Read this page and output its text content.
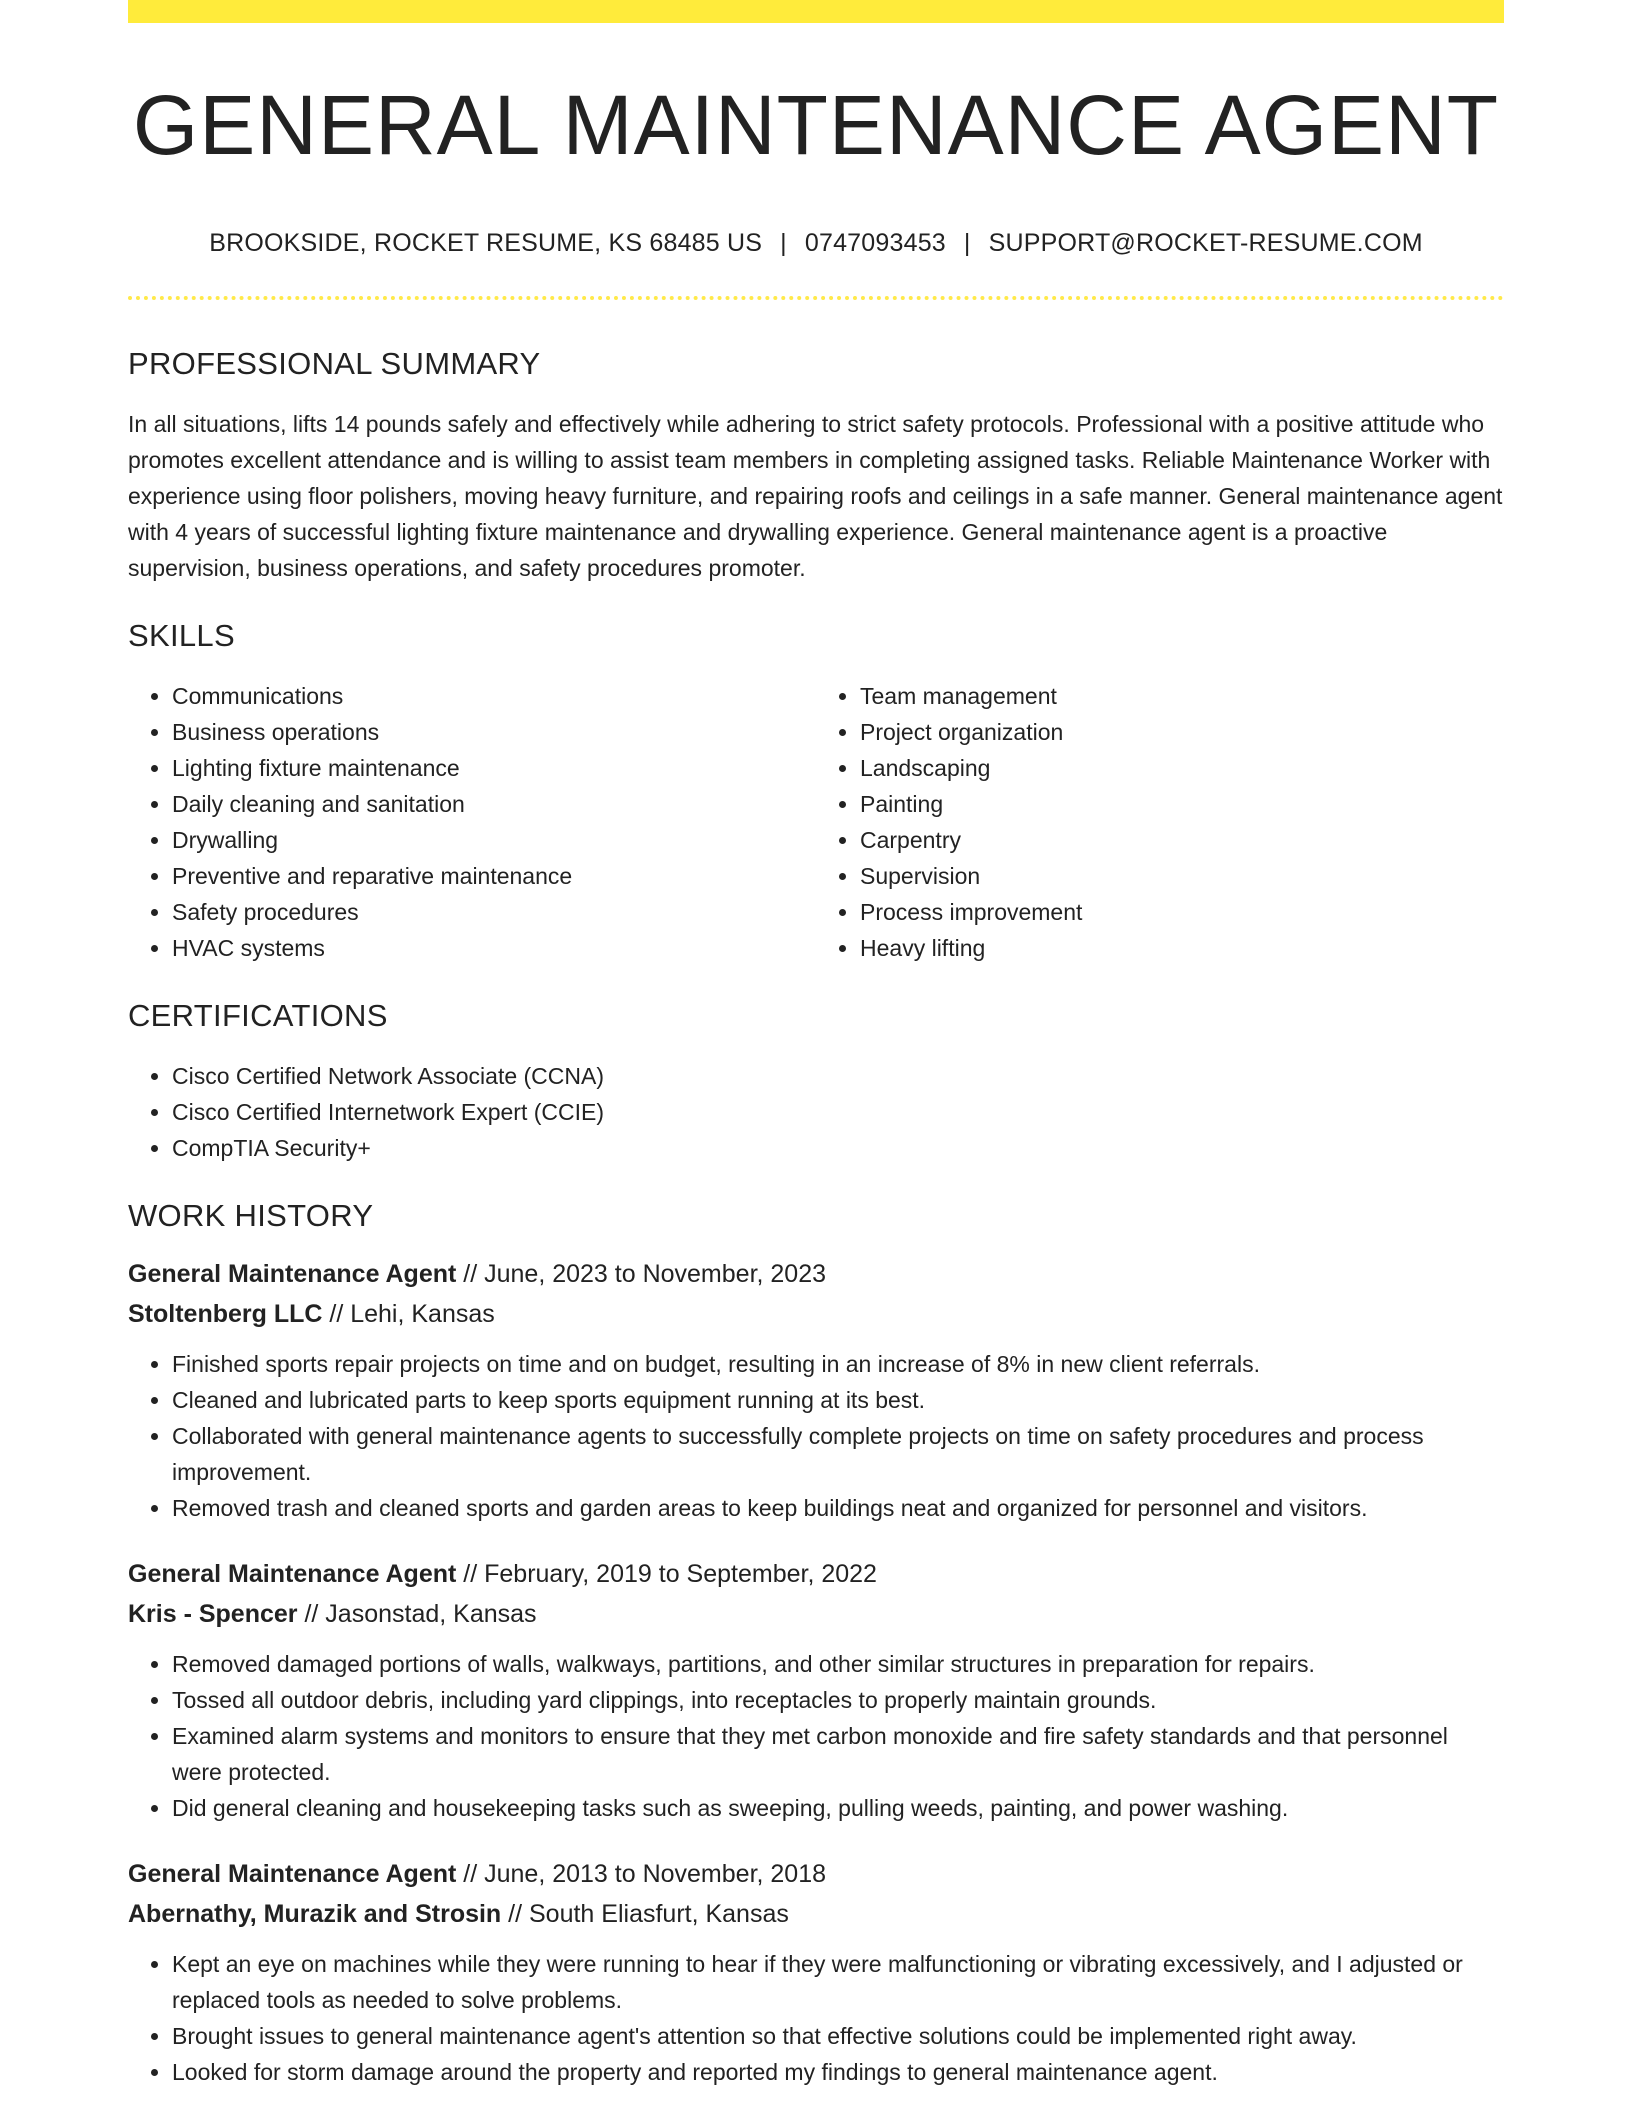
GENERAL MAINTENANCE AGENT
BROOKSIDE, ROCKET RESUME, KS 68485 US | 0747093453 | SUPPORT@ROCKET-RESUME.COM
PROFESSIONAL SUMMARY
In all situations, lifts 14 pounds safely and effectively while adhering to strict safety protocols. Professional with a positive attitude who promotes excellent attendance and is willing to assist team members in completing assigned tasks. Reliable Maintenance Worker with experience using floor polishers, moving heavy furniture, and repairing roofs and ceilings in a safe manner. General maintenance agent with 4 years of successful lighting fixture maintenance and drywalling experience. General maintenance agent is a proactive supervision, business operations, and safety procedures promoter.
SKILLS
• Communications
• Business operations
• Lighting fixture maintenance
• Daily cleaning and sanitation
• Drywalling
• Preventive and reparative maintenance
• Safety procedures
• HVAC systems
• Team management
• Project organization
• Landscaping
• Painting
• Carpentry
• Supervision
• Process improvement
• Heavy lifting
CERTIFICATIONS
• Cisco Certified Network Associate (CCNA)
• Cisco Certified Internetwork Expert (CCIE)
• CompTIA Security+
WORK HISTORY
General Maintenance Agent // June, 2023 to November, 2023
Stoltenberg LLC // Lehi, Kansas
• Finished sports repair projects on time and on budget, resulting in an increase of 8% in new client referrals.
• Cleaned and lubricated parts to keep sports equipment running at its best.
• Collaborated with general maintenance agents to successfully complete projects on time on safety procedures and process improvement.
• Removed trash and cleaned sports and garden areas to keep buildings neat and organized for personnel and visitors.
General Maintenance Agent // February, 2019 to September, 2022
Kris - Spencer // Jasonstad, Kansas
• Removed damaged portions of walls, walkways, partitions, and other similar structures in preparation for repairs.
• Tossed all outdoor debris, including yard clippings, into receptacles to properly maintain grounds.
• Examined alarm systems and monitors to ensure that they met carbon monoxide and fire safety standards and that personnel were protected.
• Did general cleaning and housekeeping tasks such as sweeping, pulling weeds, painting, and power washing.
General Maintenance Agent // June, 2013 to November, 2018
Abernathy, Murazik and Strosin // South Eliasfurt, Kansas
• Kept an eye on machines while they were running to hear if they were malfunctioning or vibrating excessively, and I adjusted or replaced tools as needed to solve problems.
• Brought issues to general maintenance agent's attention so that effective solutions could be implemented right away.
• Looked for storm damage around the property and reported my findings to general maintenance agent.
